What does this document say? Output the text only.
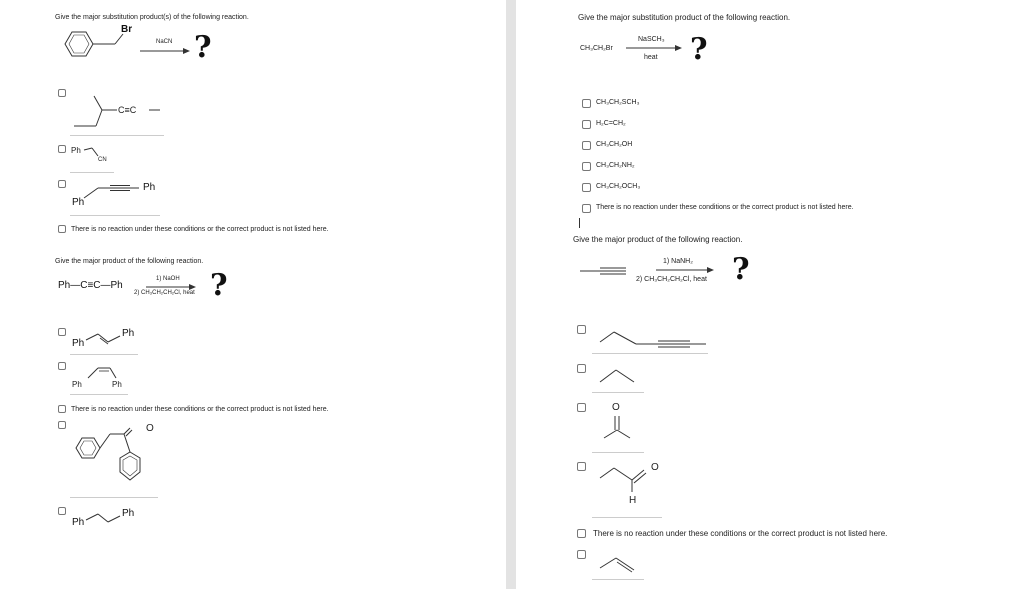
Give the major substitution product(s) of the following reaction.
Br
NaCN ?
C≡C
Ph
CN
Ph
Ph
There is no reaction under these conditions or the correct product is not listed here.
Give the major product of the following reaction.
Ph—C≡C—Ph
1) NaOH
2) CH₃CH₂CH₂Cl, heat ?
Ph
Ph
Ph	Ph
There is no reaction under these conditions or the correct product is not listed here.
O
Ph
Ph
Give the major substitution product of the following reaction.
CH₃CH₂Br
NaSCH₃
heat ?
CH₃CH₂SCH₃
H₂C=CH₂
CH₃CH₂OH
CH₃CH₂NH₂
CH₃CH₂OCH₃
There is no reaction under these conditions or the correct product is not listed here.
Give the major product of the following reaction.
1) NaNH₂
2) CH₃CH₂CH₂Cl, heat ?
O
O
H
There is no reaction under these conditions or the correct product is not listed here.
